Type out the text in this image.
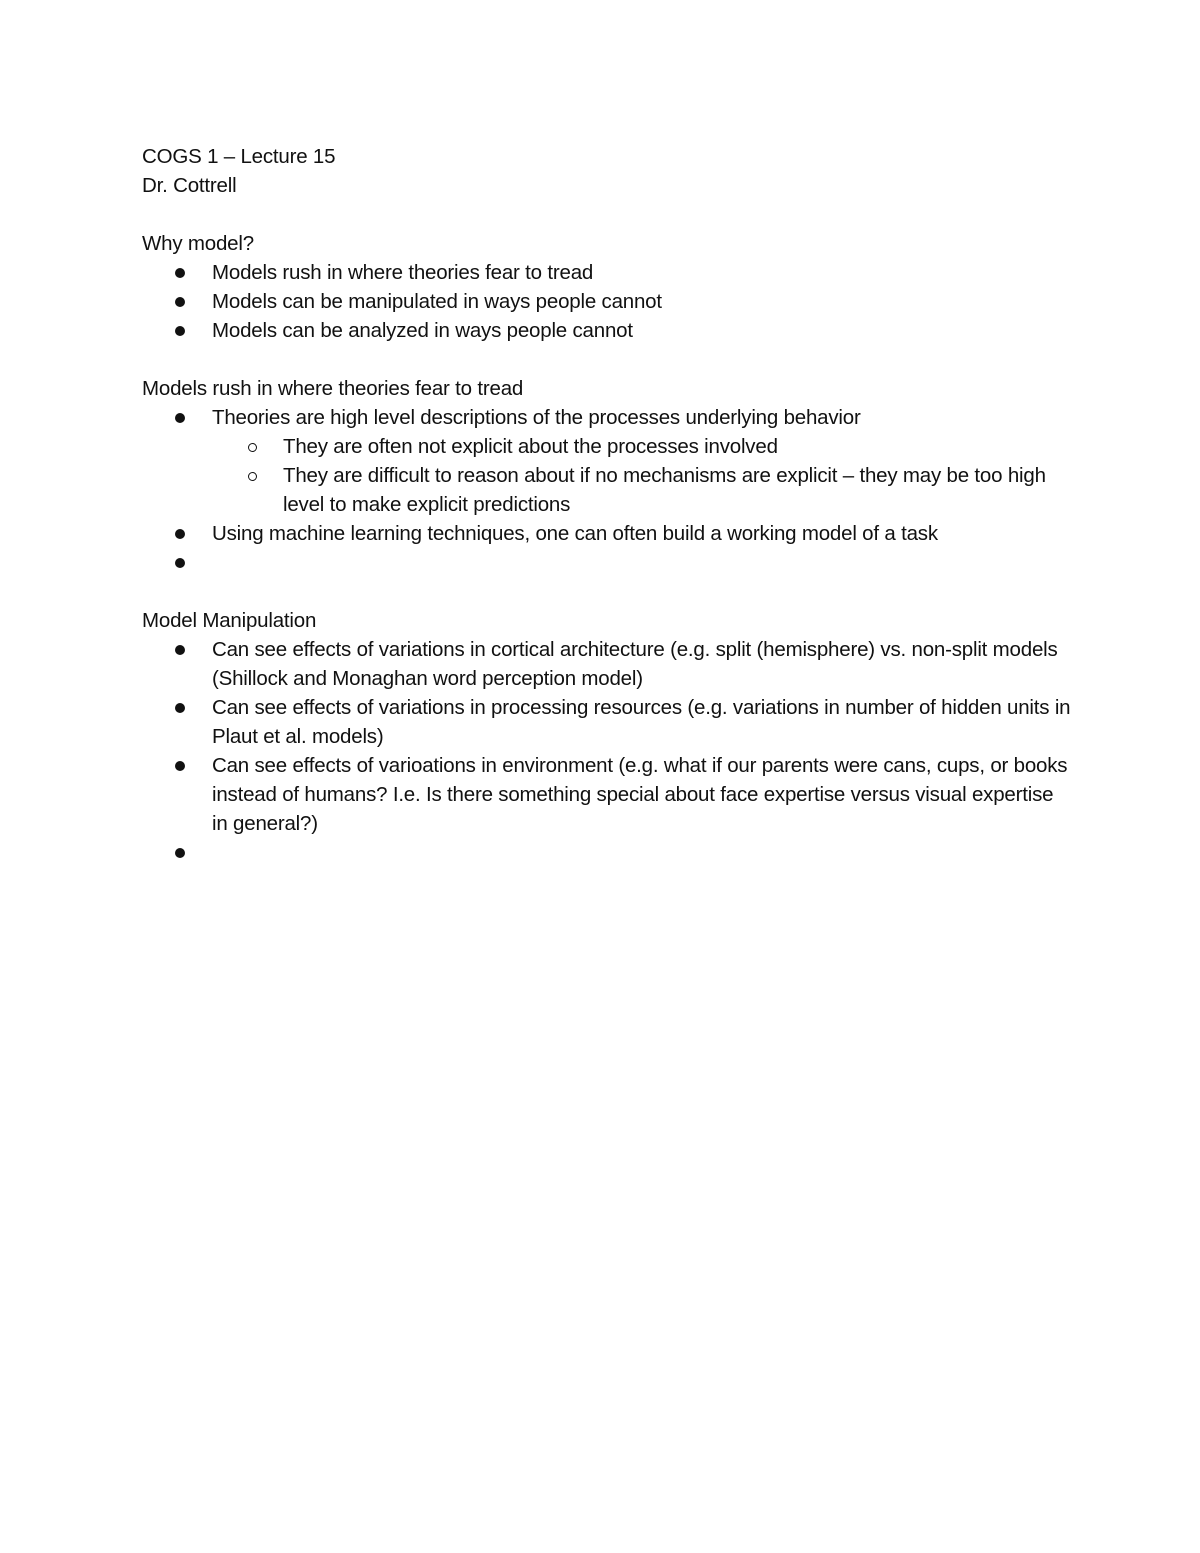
COGS 1 – Lecture 15

Dr. Cottrell

Why model?

Models rush in where theories fear to tread
Models can be manipulated in ways people cannot
Models can be analyzed in ways people cannot

Models rush in where theories fear to tread

Theories are high level descriptions of the processes underlying behavior
They are often not explicit about the processes involved
They are difficult to reason about if no mechanisms are explicit – they may be too high level to make explicit predictions
Using machine learning techniques, one can often build a working model of a task

Model Manipulation

Can see effects of variations in cortical architecture (e.g. split (hemisphere) vs. non-split models (Shillock and Monaghan word perception model)
Can see effects of variations in processing resources (e.g. variations in number of hidden units in Plaut et al. models)
Can see effects of varioations in environment (e.g. what if our parents were cans, cups, or books instead of humans? I.e. Is there something special about face expertise versus visual expertise in general?)
